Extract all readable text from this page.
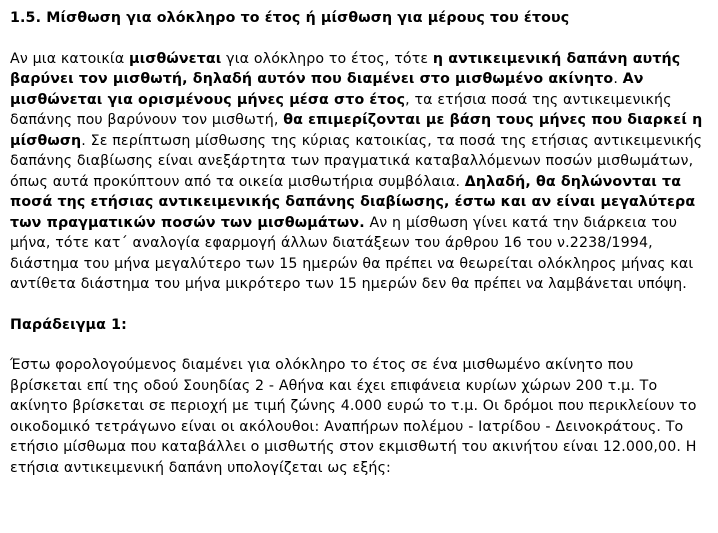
1.5. Μίσθωση για ολόκληρο το έτος ή μίσθωση για μέρους του έτους

Αν μια κατοικία μισθώνεται για ολόκληρο το έτος, τότε η αντικειμενική δαπάνη αυτής βαρύνει τον μισθωτή, δηλαδή αυτόν που διαμένει στο μισθωμένο ακίνητο. Αν μισθώνεται για ορισμένους μήνες μέσα στο έτος, τα ετήσια ποσά της αντικειμενικής δαπάνης που βαρύνουν τον μισθωτή, θα επιμερίζονται με βάση τους μήνες που διαρκεί η μίσθωση. Σε περίπτωση μίσθωσης της κύριας κατοικίας, τα ποσά της ετήσιας αντικειμενικής δαπάνης διαβίωσης είναι ανεξάρτητα των πραγματικά καταβαλλόμενων ποσών μισθωμάτων, όπως αυτά προκύπτουν από τα οικεία μισθωτήρια συμβόλαια. Δηλαδή, θα δηλώνονται τα ποσά της ετήσιας αντικειμενικής δαπάνης διαβίωσης, έστω και αν είναι μεγαλύτερα των πραγματικών ποσών των μισθωμάτων. Αν η μίσθωση γίνει κατά την διάρκεια του μήνα, τότε κατ΄ αναλογία εφαρμογή άλλων διατάξεων του άρθρου 16 του ν.2238/1994, διάστημα του μήνα μεγαλύτερο των 15 ημερών θα πρέπει να θεωρείται ολόκληρος μήνας και αντίθετα διάστημα του μήνα μικρότερο των 15 ημερών δεν θα πρέπει να λαμβάνεται υπόψη.

Παράδειγμα 1:

Έστω φορολογούμενος διαμένει για ολόκληρο το έτος σε ένα μισθωμένο ακίνητο που βρίσκεται επί της οδού Σουηδίας 2 - Αθήνα και έχει επιφάνεια κυρίων χώρων 200 τ.μ. Το ακίνητο βρίσκεται σε περιοχή με τιμή ζώνης 4.000 ευρώ το τ.μ. Οι δρόμοι που περικλείουν το οικοδομικό τετράγωνο είναι οι ακόλουθοι: Αναπήρων πολέμου - Ιατρίδου - Δεινοκράτους. Το ετήσιο μίσθωμα που καταβάλλει ο μισθωτής στον εκμισθωτή του ακινήτου είναι 12.000,00. Η ετήσια αντικειμενική δαπάνη υπολογίζεται ως εξής:
